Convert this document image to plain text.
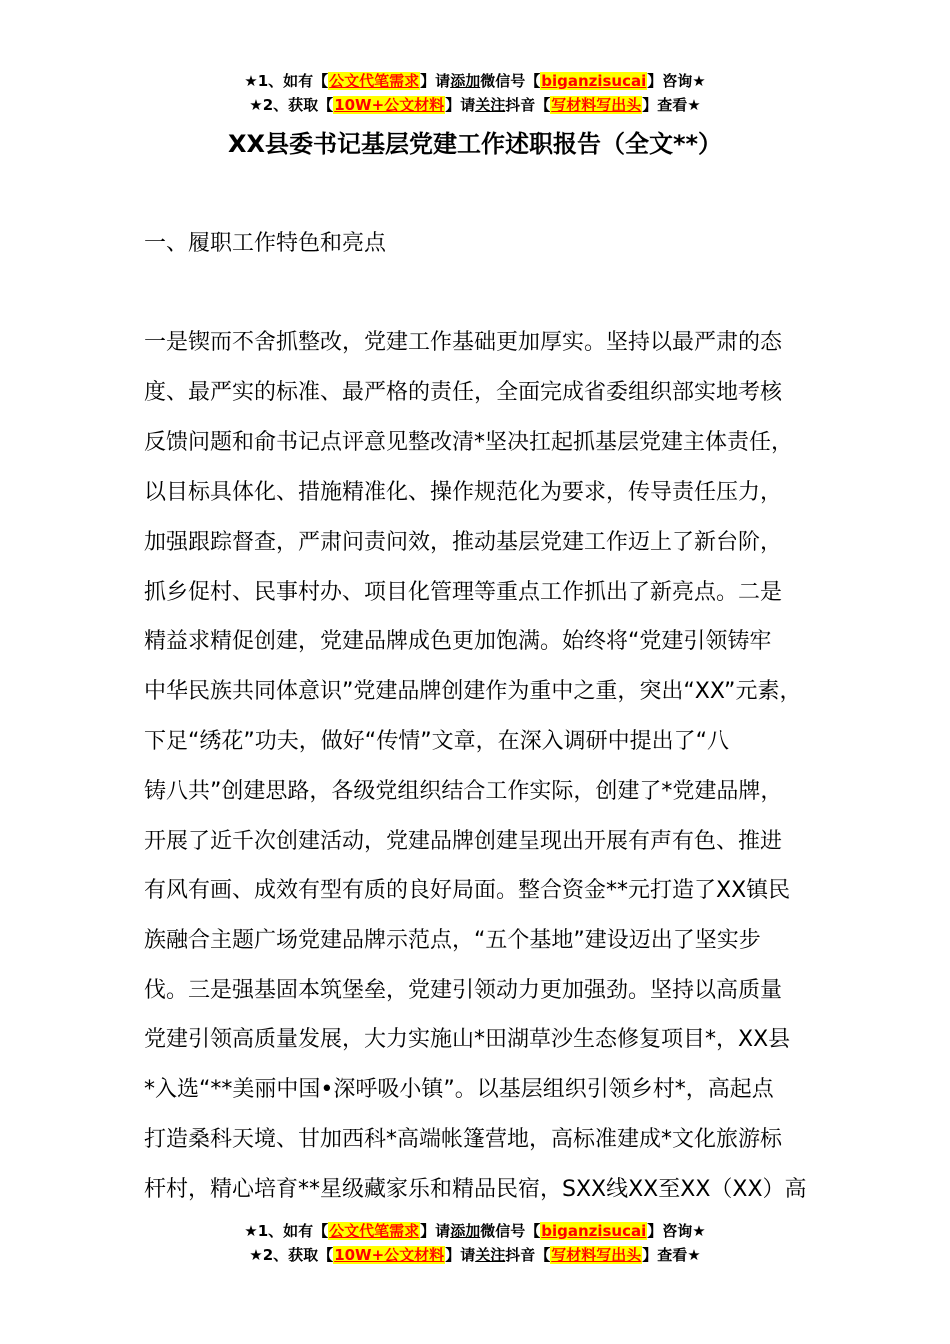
★1、如有【公文代笔需求】请添加微信号【biganzisucai】咨询★
★2、获取【10W+公文材料】请关注抖音【写材料写出头】查看★
XX县委书记基层党建工作述职报告（全文**）
一、履职工作特色和亮点
一是锲而不舍抓整改，党建工作基础更加厚实。坚持以最严肃的态
度、最严实的标准、最严格的责任，全面完成省委组织部实地考核
反馈问题和俞书记点评意见整改清*坚决扛起抓基层党建主体责任，
以目标具体化、措施精准化、操作规范化为要求，传导责任压力，
加强跟踪督查，严肃问责问效，推动基层党建工作迈上了新台阶，
抓乡促村、民事村办、项目化管理等重点工作抓出了新亮点。二是
精益求精促创建，党建品牌成色更加饱满。始终将“党建引领铸牢
中华民族共同体意识”党建品牌创建作为重中之重，突出“XX”元素，
下足“绣花”功夫，做好“传情”文章，在深入调研中提出了“八
铸八共”创建思路，各级党组织结合工作实际，创建了*党建品牌，
开展了近千次创建活动，党建品牌创建呈现出开展有声有色、推进
有风有画、成效有型有质的良好局面。整合资金**元打造了XX镇民
族融合主题广场党建品牌示范点，“五个基地”建设迈出了坚实步
伐。三是强基固本筑堡垒，党建引领动力更加强劲。坚持以高质量
党建引领高质量发展，大力实施山*田湖草沙生态修复项目*，XX县
*入选“**美丽中国•深呼吸小镇”。以基层组织引领乡村*，高起点
打造桑科天境、甘加西科*高端帐篷营地，高标准建成*文化旅游标
杆村，精心培育**星级藏家乐和精品民宿，SXX线XX至XX（XX）高
★1、如有【公文代笔需求】请添加微信号【biganzisucai】咨询★
★2、获取【10W+公文材料】请关注抖音【写材料写出头】查看★
